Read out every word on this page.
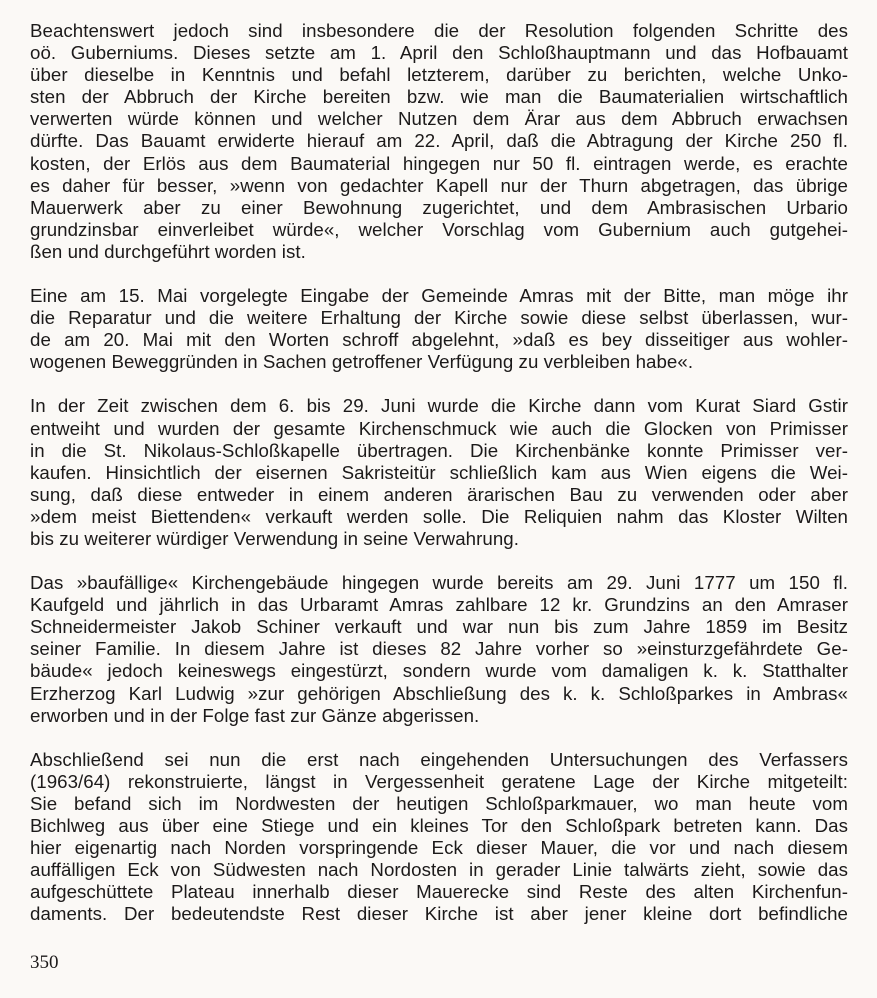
Beachtenswert jedoch sind insbesondere die der Resolution folgenden Schritte des
oö. Guberniums. Dieses setzte am 1. April den Schloßhauptmann und das Hofbauamt
über dieselbe in Kenntnis und befahl letzterem, darüber zu berichten, welche Unko-
sten der Abbruch der Kirche bereiten bzw. wie man die Baumaterialien wirtschaftlich
verwerten würde können und welcher Nutzen dem Ärar aus dem Abbruch erwachsen
dürfte. Das Bauamt erwiderte hierauf am 22. April, daß die Abtragung der Kirche 250 fl.
kosten, der Erlös aus dem Baumaterial hingegen nur 50 fl. eintragen werde, es erachte
es daher für besser, »wenn von gedachter Kapell nur der Thurn abgetragen, das übrige
Mauerwerk aber zu einer Bewohnung zugerichtet, und dem Ambrasischen Urbario
grundzinsbar einverleibet würde«, welcher Vorschlag vom Gubernium auch gutgehei-
ßen und durchgeführt worden ist.
Eine am 15. Mai vorgelegte Eingabe der Gemeinde Amras mit der Bitte, man möge ihr
die Reparatur und die weitere Erhaltung der Kirche sowie diese selbst überlassen, wur-
de am 20. Mai mit den Worten schroff abgelehnt, »daß es bey disseitiger aus wohler-
wogenen Beweggründen in Sachen getroffener Verfügung zu verbleiben habe«.
In der Zeit zwischen dem 6. bis 29. Juni wurde die Kirche dann vom Kurat Siard Gstir
entweiht und wurden der gesamte Kirchenschmuck wie auch die Glocken von Primisser
in die St. Nikolaus-Schloßkapelle übertragen. Die Kirchenbänke konnte Primisser ver-
kaufen. Hinsichtlich der eisernen Sakristeitür schließlich kam aus Wien eigens die Wei-
sung, daß diese entweder in einem anderen ärarischen Bau zu verwenden oder aber
»dem meist Biettenden« verkauft werden solle. Die Reliquien nahm das Kloster Wilten
bis zu weiterer würdiger Verwendung in seine Verwahrung.
Das »baufällige« Kirchengebäude hingegen wurde bereits am 29. Juni 1777 um 150 fl.
Kaufgeld und jährlich in das Urbaramt Amras zahlbare 12 kr. Grundzins an den Amraser
Schneidermeister Jakob Schiner verkauft und war nun bis zum Jahre 1859 im Besitz
seiner Familie. In diesem Jahre ist dieses 82 Jahre vorher so »einsturzgefährdete Ge-
bäude« jedoch keineswegs eingestürzt, sondern wurde vom damaligen k. k. Statthalter
Erzherzog Karl Ludwig »zur gehörigen Abschließung des k. k. Schloßparkes in Ambras«
erworben und in der Folge fast zur Gänze abgerissen.
Abschließend sei nun die erst nach eingehenden Untersuchungen des Verfassers
(1963/64) rekonstruierte, längst in Vergessenheit geratene Lage der Kirche mitgeteilt:
Sie befand sich im Nordwesten der heutigen Schloßparkmauer, wo man heute vom
Bichlweg aus über eine Stiege und ein kleines Tor den Schloßpark betreten kann. Das
hier eigenartig nach Norden vorspringende Eck dieser Mauer, die vor und nach diesem
auffälligen Eck von Südwesten nach Nordosten in gerader Linie talwärts zieht, sowie das
aufgeschüttete Plateau innerhalb dieser Mauerecke sind Reste des alten Kirchenfun-
daments. Der bedeutendste Rest dieser Kirche ist aber jener kleine dort befindliche
350
